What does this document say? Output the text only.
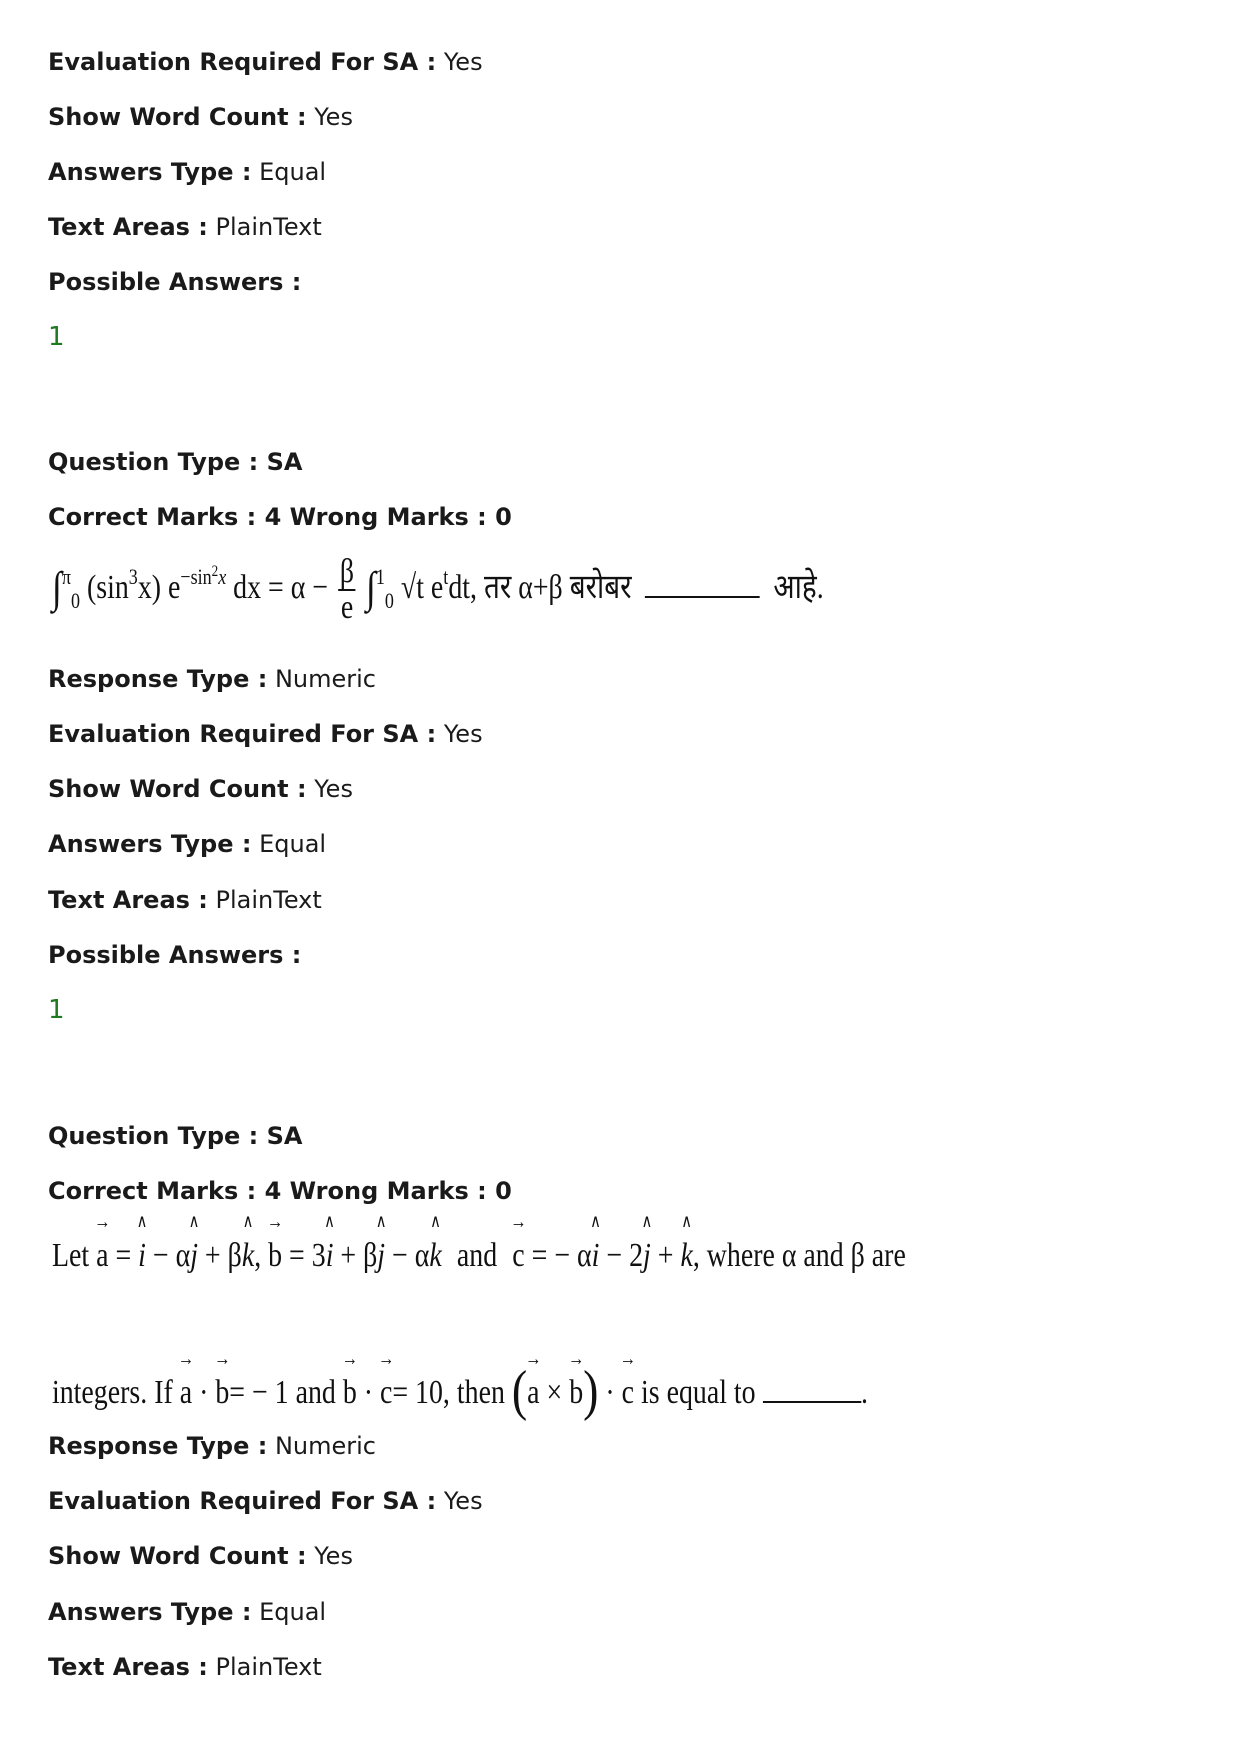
Evaluation Required For SA : Yes
Show Word Count : Yes
Answers Type : Equal
Text Areas : PlainText
Possible Answers :
1
Question Type : SA
Correct Marks : 4 Wrong Marks : 0
∫$^\pi_0$ $(\sin^3x)$ $e^{-sin2x}$ dx = $\alpha - \frac{\beta}{e} \int^1_0$ √t $e^tdt$, तर α+β बरोबर	आहे.
Response Type : Numeric
Evaluation Required For SA : Yes
Show Word Count : Yes
Answers Type : Equal
Text Areas : PlainText
Possible Answers :
1
Question Type : SA
Correct Marks : 4 Wrong Marks : 0
Let → a = ∧ i − α∧ j + β∧ k, → b = 3∧ i + β∧ j − α∧ k and → c = − α∧ i − 2∧ j + ∧ k, where α and β are
integers. If → a · → b= − 1 and → b · → c= 10, then (→ a × → b) · → c is equal to	.
Response Type : Numeric
Evaluation Required For SA : Yes
Show Word Count : Yes
Answers Type : Equal
Text Areas : PlainText
